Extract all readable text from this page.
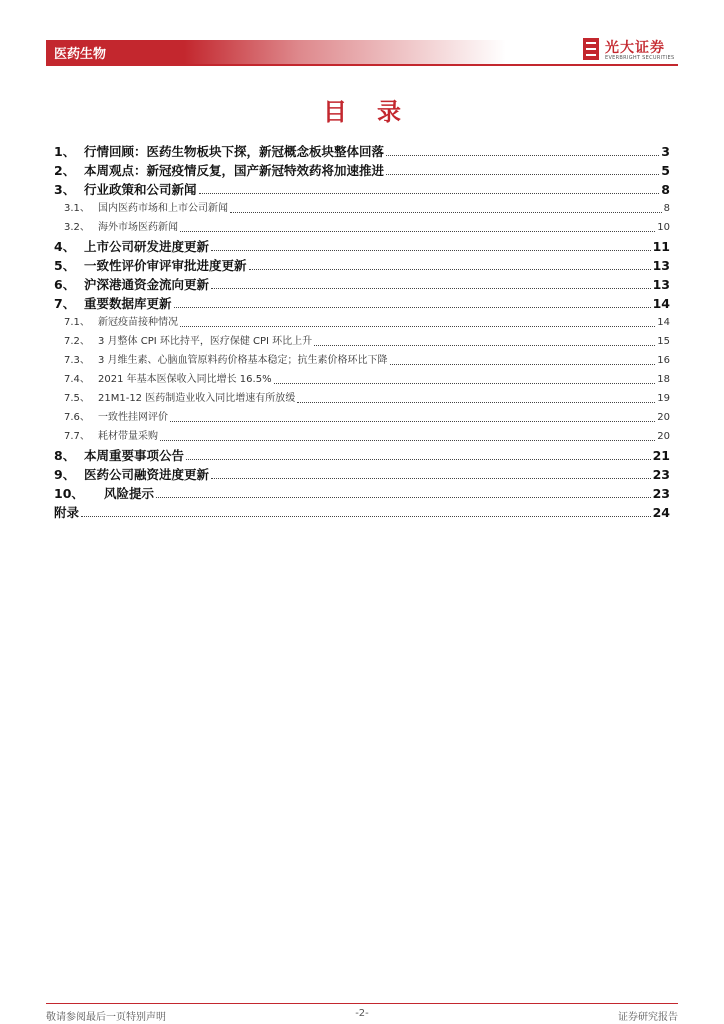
医药生物	光大证券
EVERBRIGHT SECURITIES
目录
1、 行情回顾：医药生物板块下探，新冠概念板块整体回落	3
2、 本周观点：新冠疫情反复，国产新冠特效药将加速推进	5
3、 行业政策和公司新闻	8
3.1、 国内医药市场和上市公司新闻	8
3.2、 海外市场医药新闻	10
4、 上市公司研发进度更新	11
5、 一致性评价审评审批进度更新	13
6、 沪深港通资金流向更新	13
7、 重要数据库更新	14
7.1、 新冠疫苗接种情况	14
7.2、 3 月整体 CPI 环比持平，医疗保健 CPI 环比上升	15
7.3、 3 月维生素、心脑血管原料药价格基本稳定；抗生素价格环比下降	16
7.4、 2021 年基本医保收入同比增长 16.5%	18
7.5、 21M1-12 医药制造业收入同比增速有所放缓	19
7.6、 一致性挂网评价	20
7.7、 耗材带量采购	20
8、 本周重要事项公告	21
9、 医药公司融资进度更新	23
10、	风险提示	23
附录	24
敬请参阅最后一页特别声明	-2-	证券研究报告
